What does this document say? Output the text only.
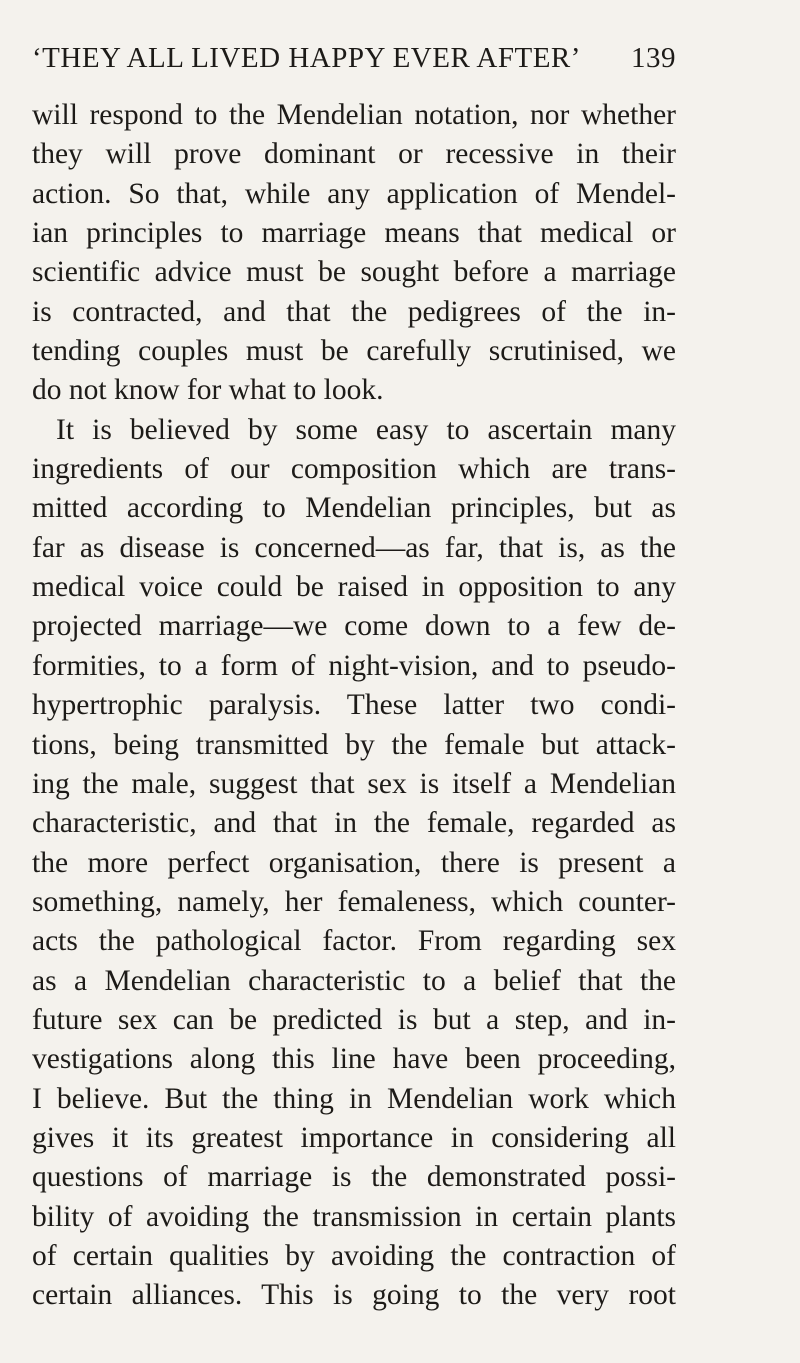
‘THEY ALL LIVED HAPPY EVER AFTER’ 139
will respond to the Mendelian notation, nor whether
they will prove dominant or recessive in their
action. So that, while any application of Mendel-
ian principles to marriage means that medical or
scientific advice must be sought before a marriage
is contracted, and that the pedigrees of the in-
tending couples must be carefully scrutinised, we
do not know for what to look.
It is believed by some easy to ascertain many
ingredients of our composition which are trans-
mitted according to Mendelian principles, but as
far as disease is concerned—as far, that is, as the
medical voice could be raised in opposition to any
projected marriage—we come down to a few de-
formities, to a form of night-vision, and to pseudo-
hypertrophic paralysis. These latter two condi-
tions, being transmitted by the female but attack-
ing the male, suggest that sex is itself a Mendelian
characteristic, and that in the female, regarded as
the more perfect organisation, there is present a
something, namely, her femaleness, which counter-
acts the pathological factor. From regarding sex
as a Mendelian characteristic to a belief that the
future sex can be predicted is but a step, and in-
vestigations along this line have been proceeding,
I believe. But the thing in Mendelian work which
gives it its greatest importance in considering all
questions of marriage is the demonstrated possi-
bility of avoiding the transmission in certain plants
of certain qualities by avoiding the contraction of
certain alliances. This is going to the very root
